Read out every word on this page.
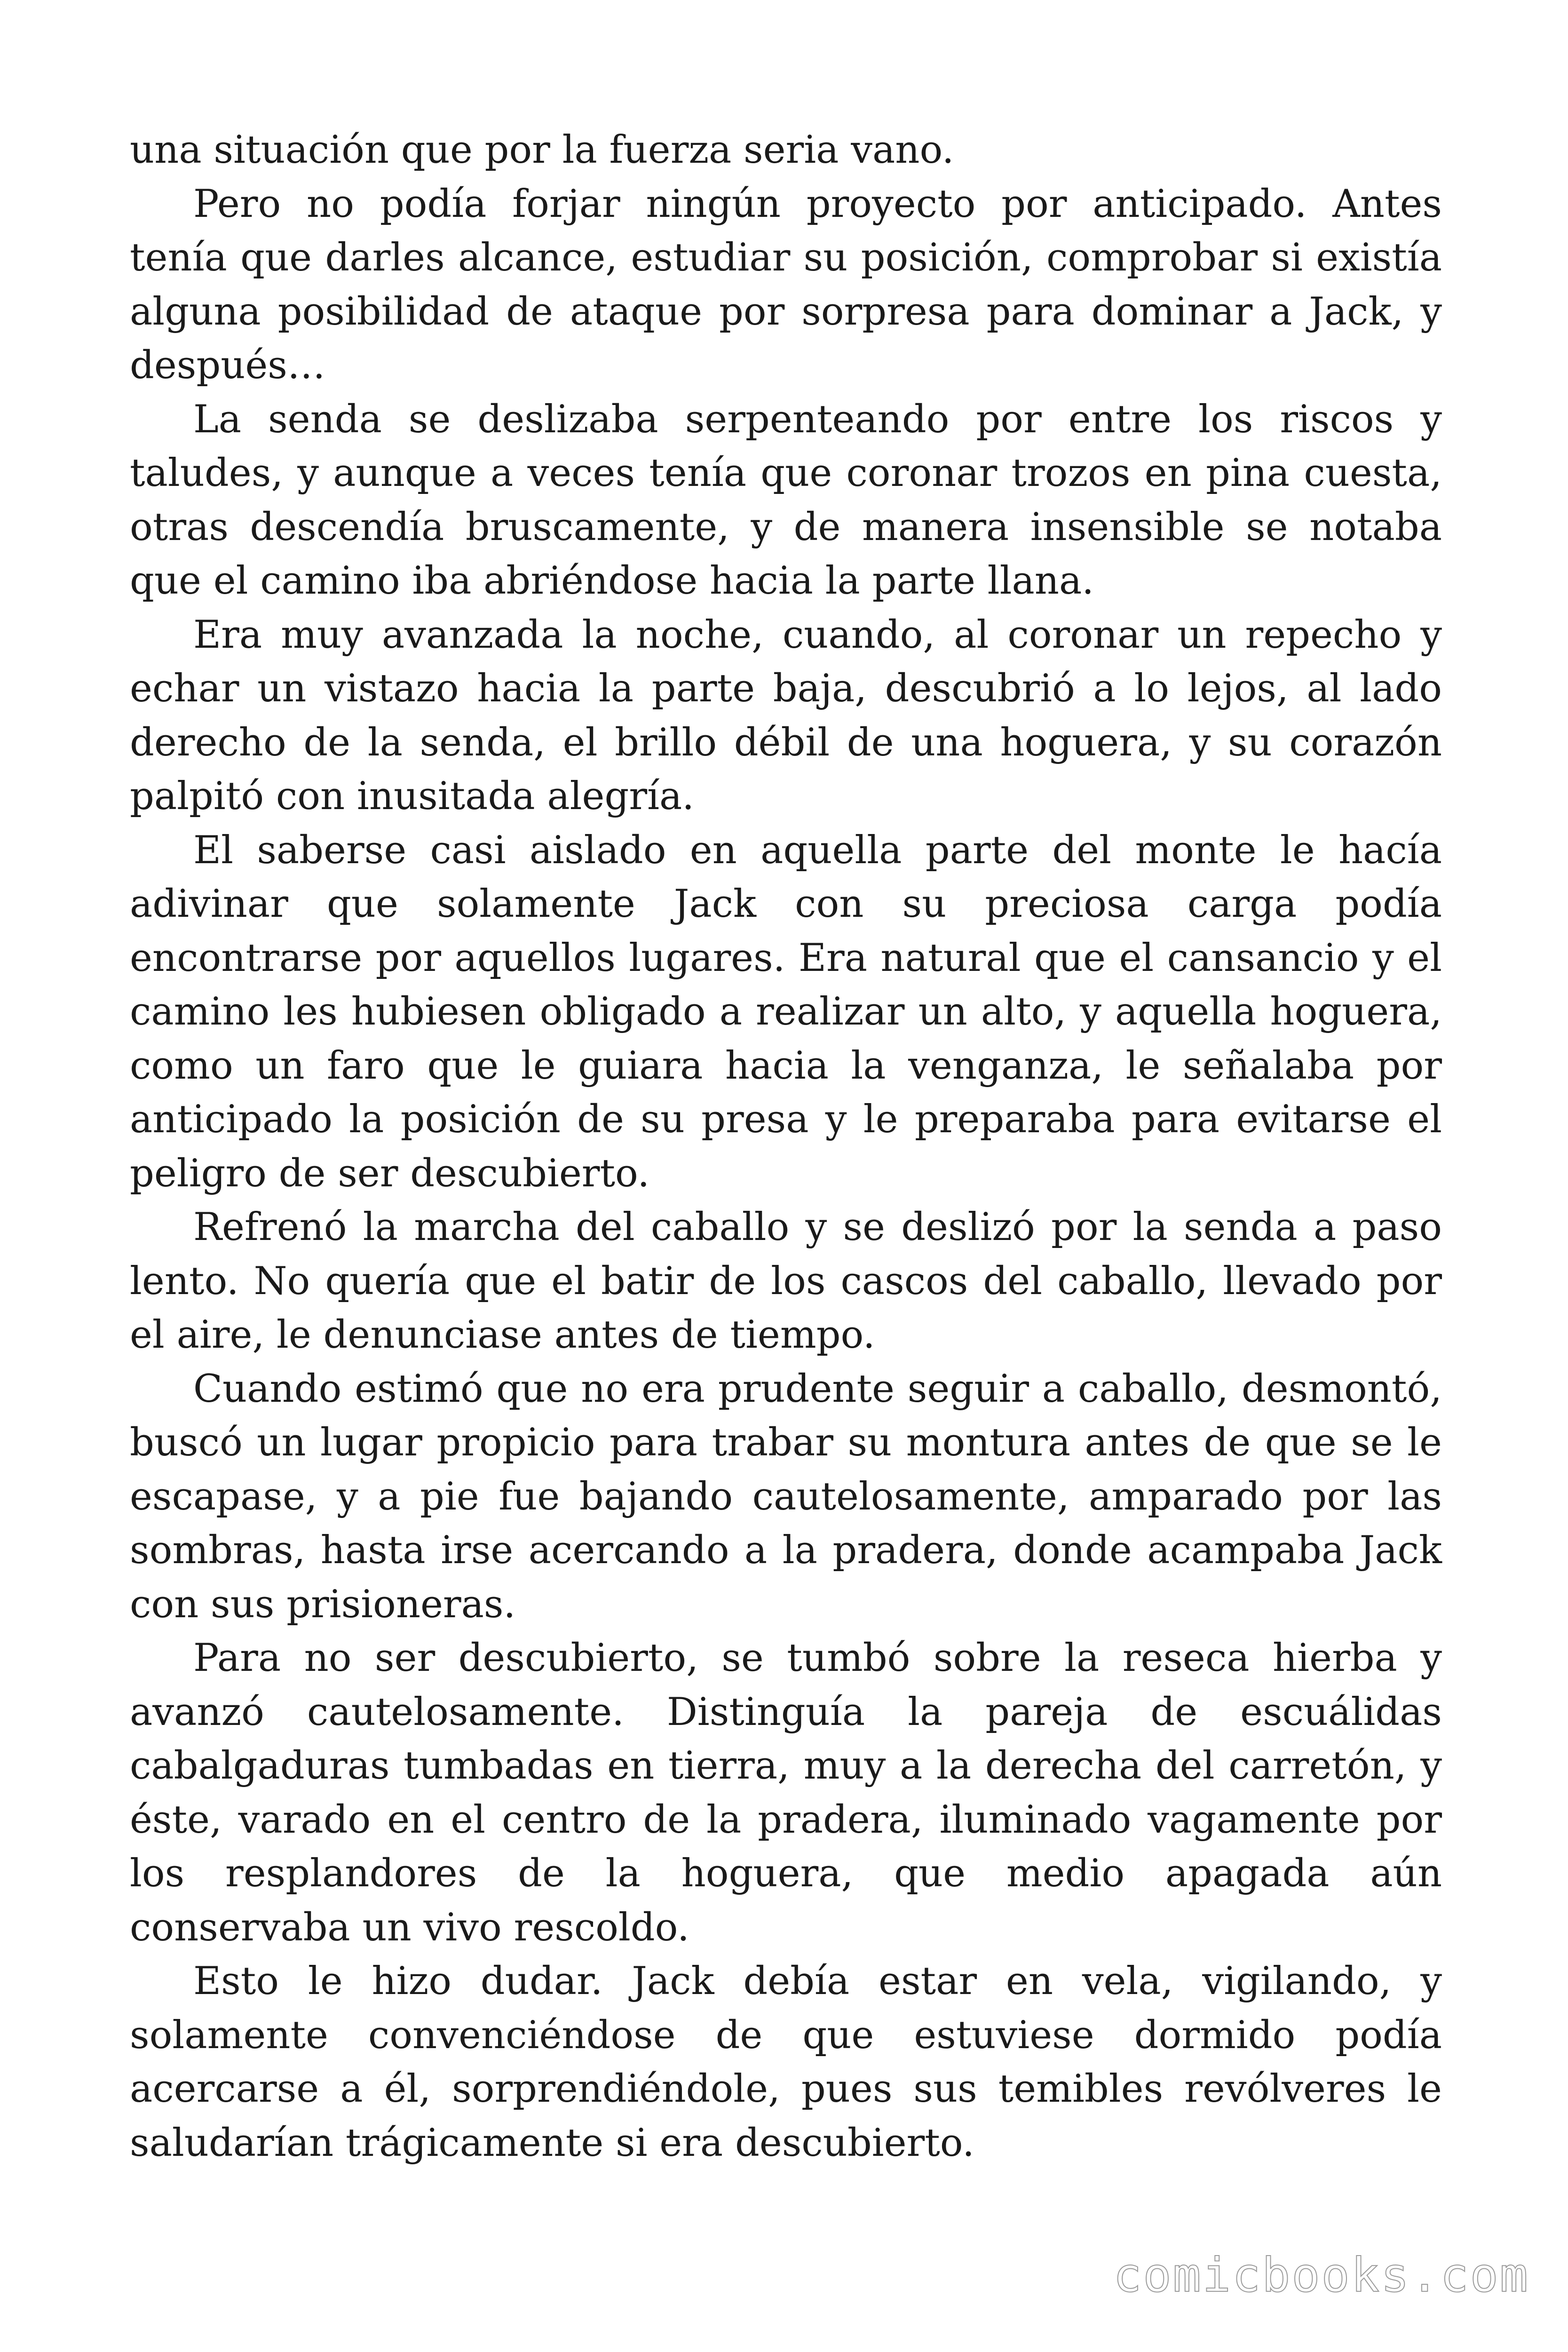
una situación que por la fuerza seria vano.

Pero no podía forjar ningún proyecto por anticipado. Antes tenía que darles alcance, estudiar su posición, comprobar si existía alguna posibilidad de ataque por sorpresa para dominar a Jack, y después…

La senda se deslizaba serpenteando por entre los riscos y taludes, y aunque a veces tenía que coronar trozos en pina cuesta, otras descendía bruscamente, y de manera insensible se notaba que el camino iba abriéndose hacia la parte llana.

Era muy avanzada la noche, cuando, al coronar un repecho y echar un vistazo hacia la parte baja, descubrió a lo lejos, al lado derecho de la senda, el brillo débil de una hoguera, y su corazón palpitó con inusitada alegría.

El saberse casi aislado en aquella parte del monte le hacía adivinar que solamente Jack con su preciosa carga podía encontrarse por aquellos lugares. Era natural que el cansancio y el camino les hubiesen obligado a realizar un alto, y aquella hoguera, como un faro que le guiara hacia la venganza, le señalaba por anticipado la posición de su presa y le preparaba para evitarse el peligro de ser descubierto.

Refrenó la marcha del caballo y se deslizó por la senda a paso lento. No quería que el batir de los cascos del caballo, llevado por el aire, le denunciase antes de tiempo.

Cuando estimó que no era prudente seguir a caballo, desmontó, buscó un lugar propicio para trabar su montura antes de que se le escapase, y a pie fue bajando cautelosamente, amparado por las sombras, hasta irse acercando a la pradera, donde acampaba Jack con sus prisioneras.

Para no ser descubierto, se tumbó sobre la reseca hierba y avanzó cautelosamente. Distinguía la pareja de escuálidas cabalgaduras tumbadas en tierra, muy a la derecha del carretón, y éste, varado en el centro de la pradera, iluminado vagamente por los resplandores de la hoguera, que medio apagada aún conservaba un vivo rescoldo.

Esto le hizo dudar. Jack debía estar en vela, vigilando, y solamente convenciéndose de que estuviese dormido podía acercarse a él, sorprendiéndole, pues sus temibles revólveres le saludarían trágicamente si era descubierto.

comicbooks.com
